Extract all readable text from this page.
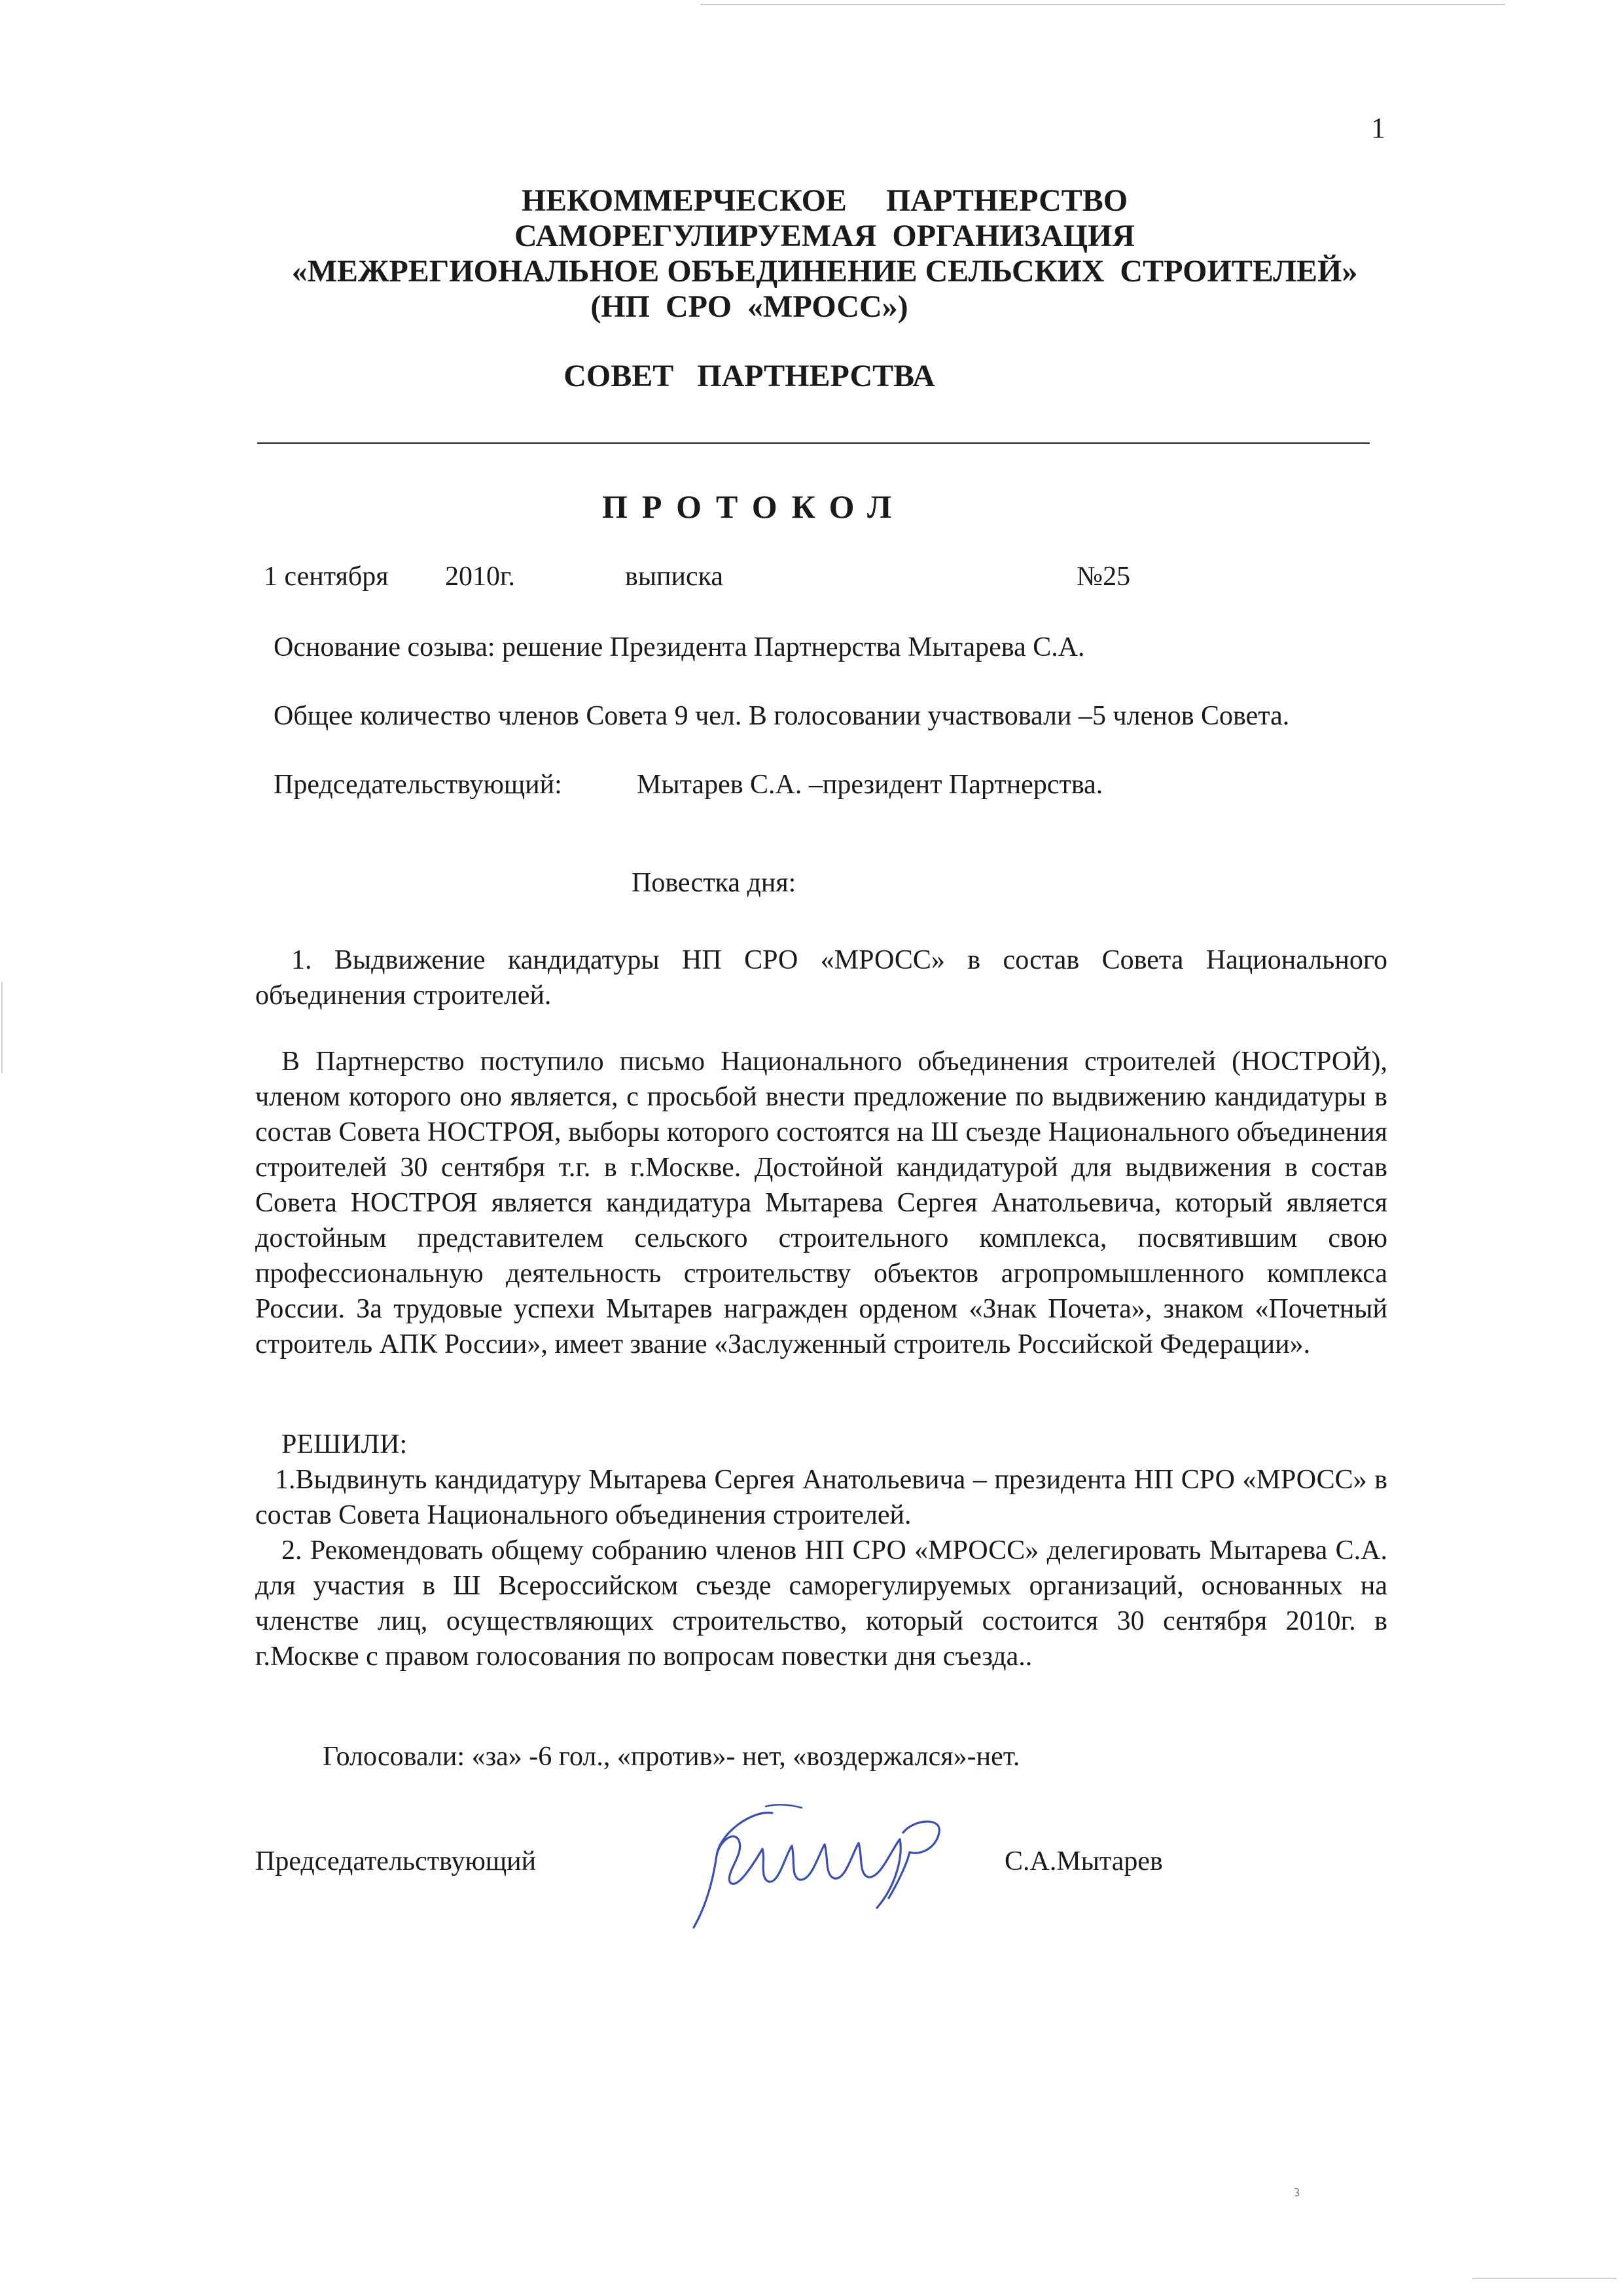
1
НЕКОММЕРЧЕСКОЕ     ПАРТНЕРСТВО
САМОРЕГУЛИРУЕМАЯ  ОРГАНИЗАЦИЯ
«МЕЖРЕГИОНАЛЬНОЕ ОБЪЕДИНЕНИЕ СЕЛЬСКИХ  СТРОИТЕЛЕЙ»
(НП  СРО  «МРОСС»)
СОВЕТ   ПАРТНЕРСТВА
ПРОТОКОЛ
1 сентября 2010г.	выписка	№25
Основание созыва: решение Президента Партнерства Мытарева С.А.
Общее количество членов Совета 9 чел. В голосовании участвовали –5 членов Совета.
Председательствующий:	Мытарев С.А. –президент Партнерства.
Повестка дня:

1. Выдвижение кандидатуры НП СРО «МРОСС» в состав Совета Национального объединения строителей.

В Партнерство поступило письмо Национального объединения строителей (НОСТРОЙ), членом которого оно является, с просьбой внести предложение по выдвижению кандидатуры в состав Совета НОСТРОЯ, выборы которого состоятся на Ш съезде Национального объединения строителей 30 сентября т.г. в г.Москве. Достойной кандидатурой для выдвижения в состав Совета НОСТРОЯ является кандидатура Мытарева Сергея Анатольевича, который является достойным представителем сельского строительного комплекса, посвятившим свою профессиональную деятельность строительству объектов агропромышленного комплекса России. За трудовые успехи Мытарев награжден орденом «Знак Почета», знаком «Почетный строитель АПК России», имеет звание «Заслуженный строитель Российской Федерации».

РЕШИЛИ:

1.Выдвинуть кандидатуру Мытарева Сергея Анатольевича – президента НП СРО «МРОСС» в состав Совета Национального объединения строителей.

2. Рекомендовать общему собранию членов НП СРО «МРОСС» делегировать Мытарева С.А. для участия в Ш Всероссийском съезде саморегулируемых организаций, основанных на членстве лиц, осуществляющих строительство, который состоится 30 сентября 2010г. в г.Москве с правом голосования по вопросам повестки дня съезда..

Голосовали: «за» -6 гол., «против»- нет, «воздержался»-нет.
Председательствующий	С.А.Мытарев
